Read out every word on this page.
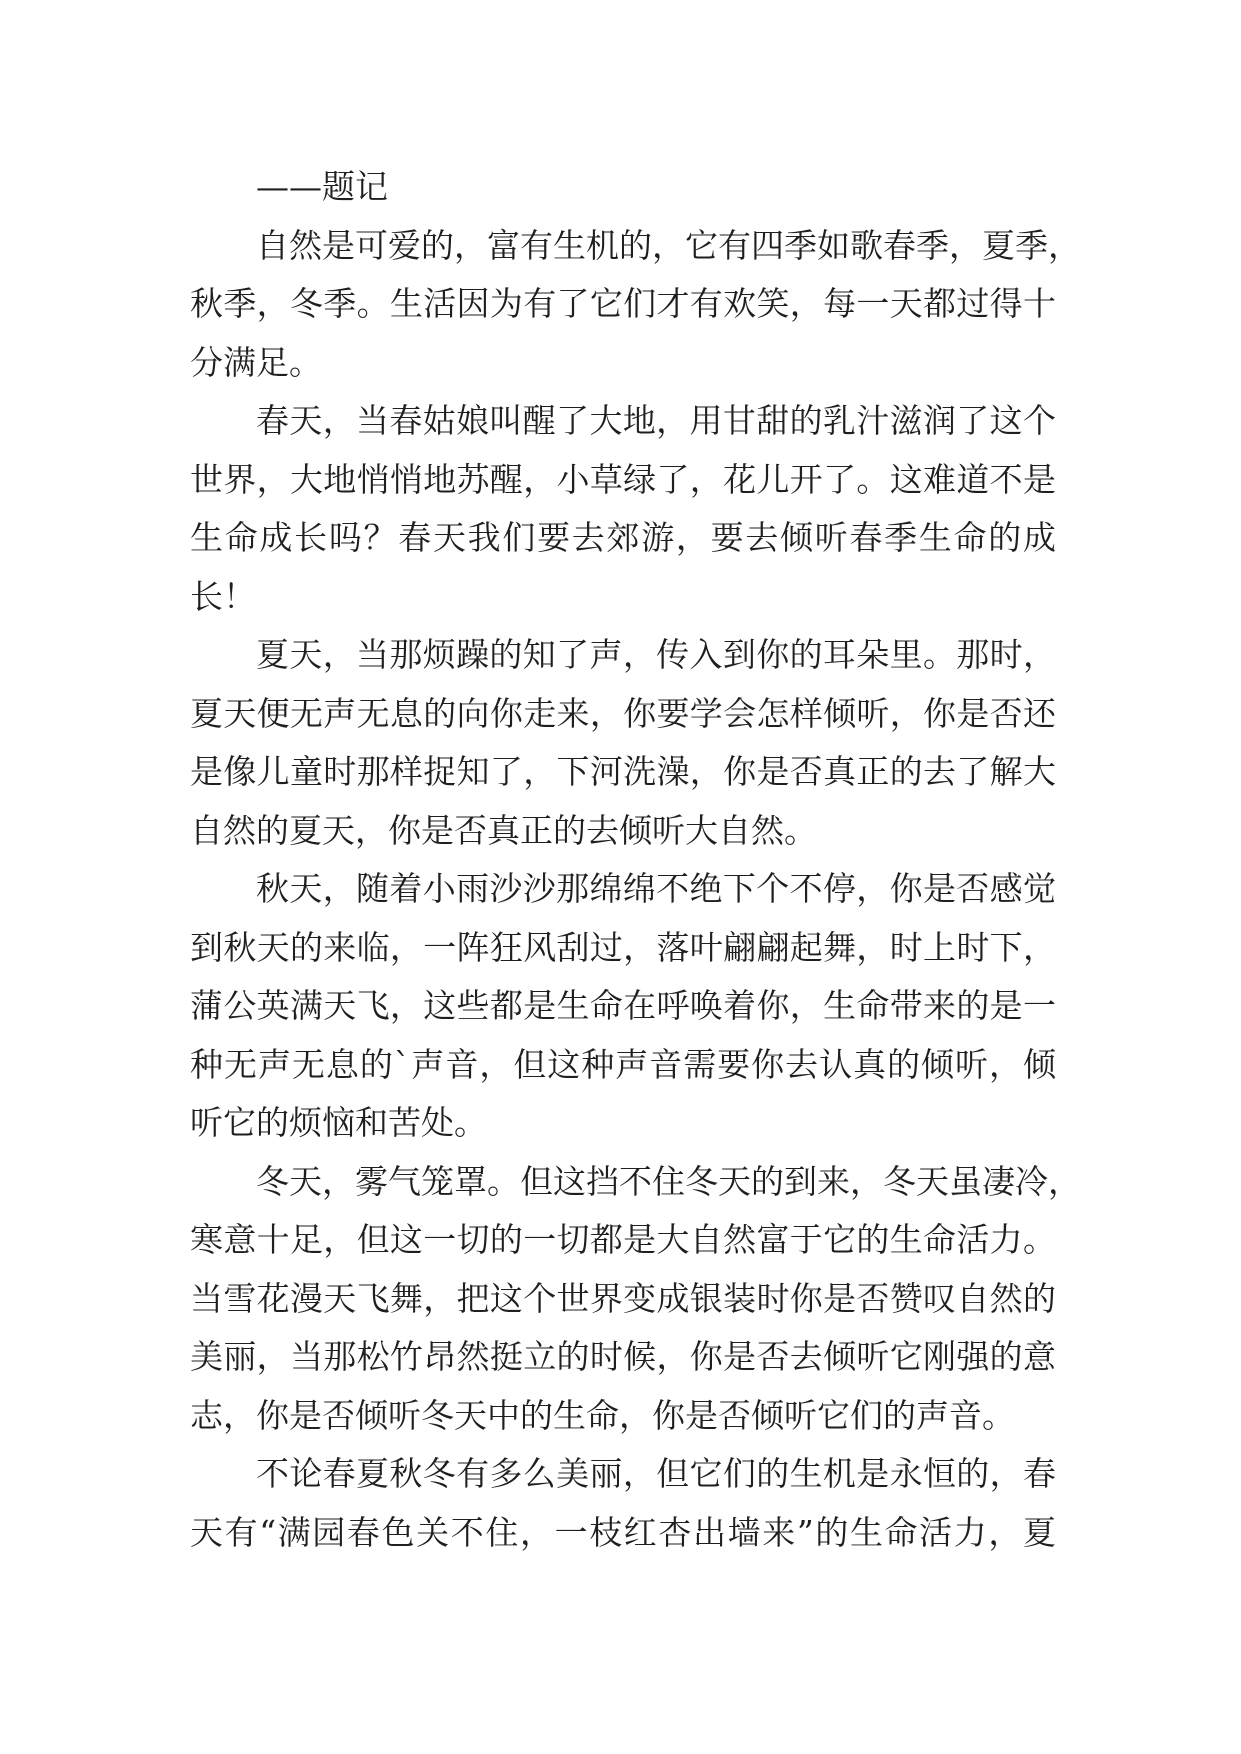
——题记
自然是可爱的，富有生机的，它有四季如歌春季，夏季，
秋季，冬季。生活因为有了它们才有欢笑，每一天都过得十
分满足。
春天，当春姑娘叫醒了大地，用甘甜的乳汁滋润了这个
世界，大地悄悄地苏醒，小草绿了，花儿开了。这难道不是
生命成长吗？春天我们要去郊游，要去倾听春季生命的成
长！
夏天，当那烦躁的知了声，传入到你的耳朵里。那时，
夏天便无声无息的向你走来，你要学会怎样倾听，你是否还
是像儿童时那样捉知了，下河洗澡，你是否真正的去了解大
自然的夏天，你是否真正的去倾听大自然。
秋天，随着小雨沙沙那绵绵不绝下个不停，你是否感觉
到秋天的来临，一阵狂风刮过，落叶翩翩起舞，时上时下，
蒲公英满天飞，这些都是生命在呼唤着你，生命带来的是一
种无声无息的`声音，但这种声音需要你去认真的倾听，倾
听它的烦恼和苦处。
冬天，雾气笼罩。但这挡不住冬天的到来，冬天虽凄冷，
寒意十足，但这一切的一切都是大自然富于它的生命活力。
当雪花漫天飞舞，把这个世界变成银装时你是否赞叹自然的
美丽，当那松竹昂然挺立的时候，你是否去倾听它刚强的意
志，你是否倾听冬天中的生命，你是否倾听它们的声音。
不论春夏秋冬有多么美丽，但它们的生机是永恒的，春
天有“满园春色关不住，一枝红杏出墙来”的生命活力，夏
